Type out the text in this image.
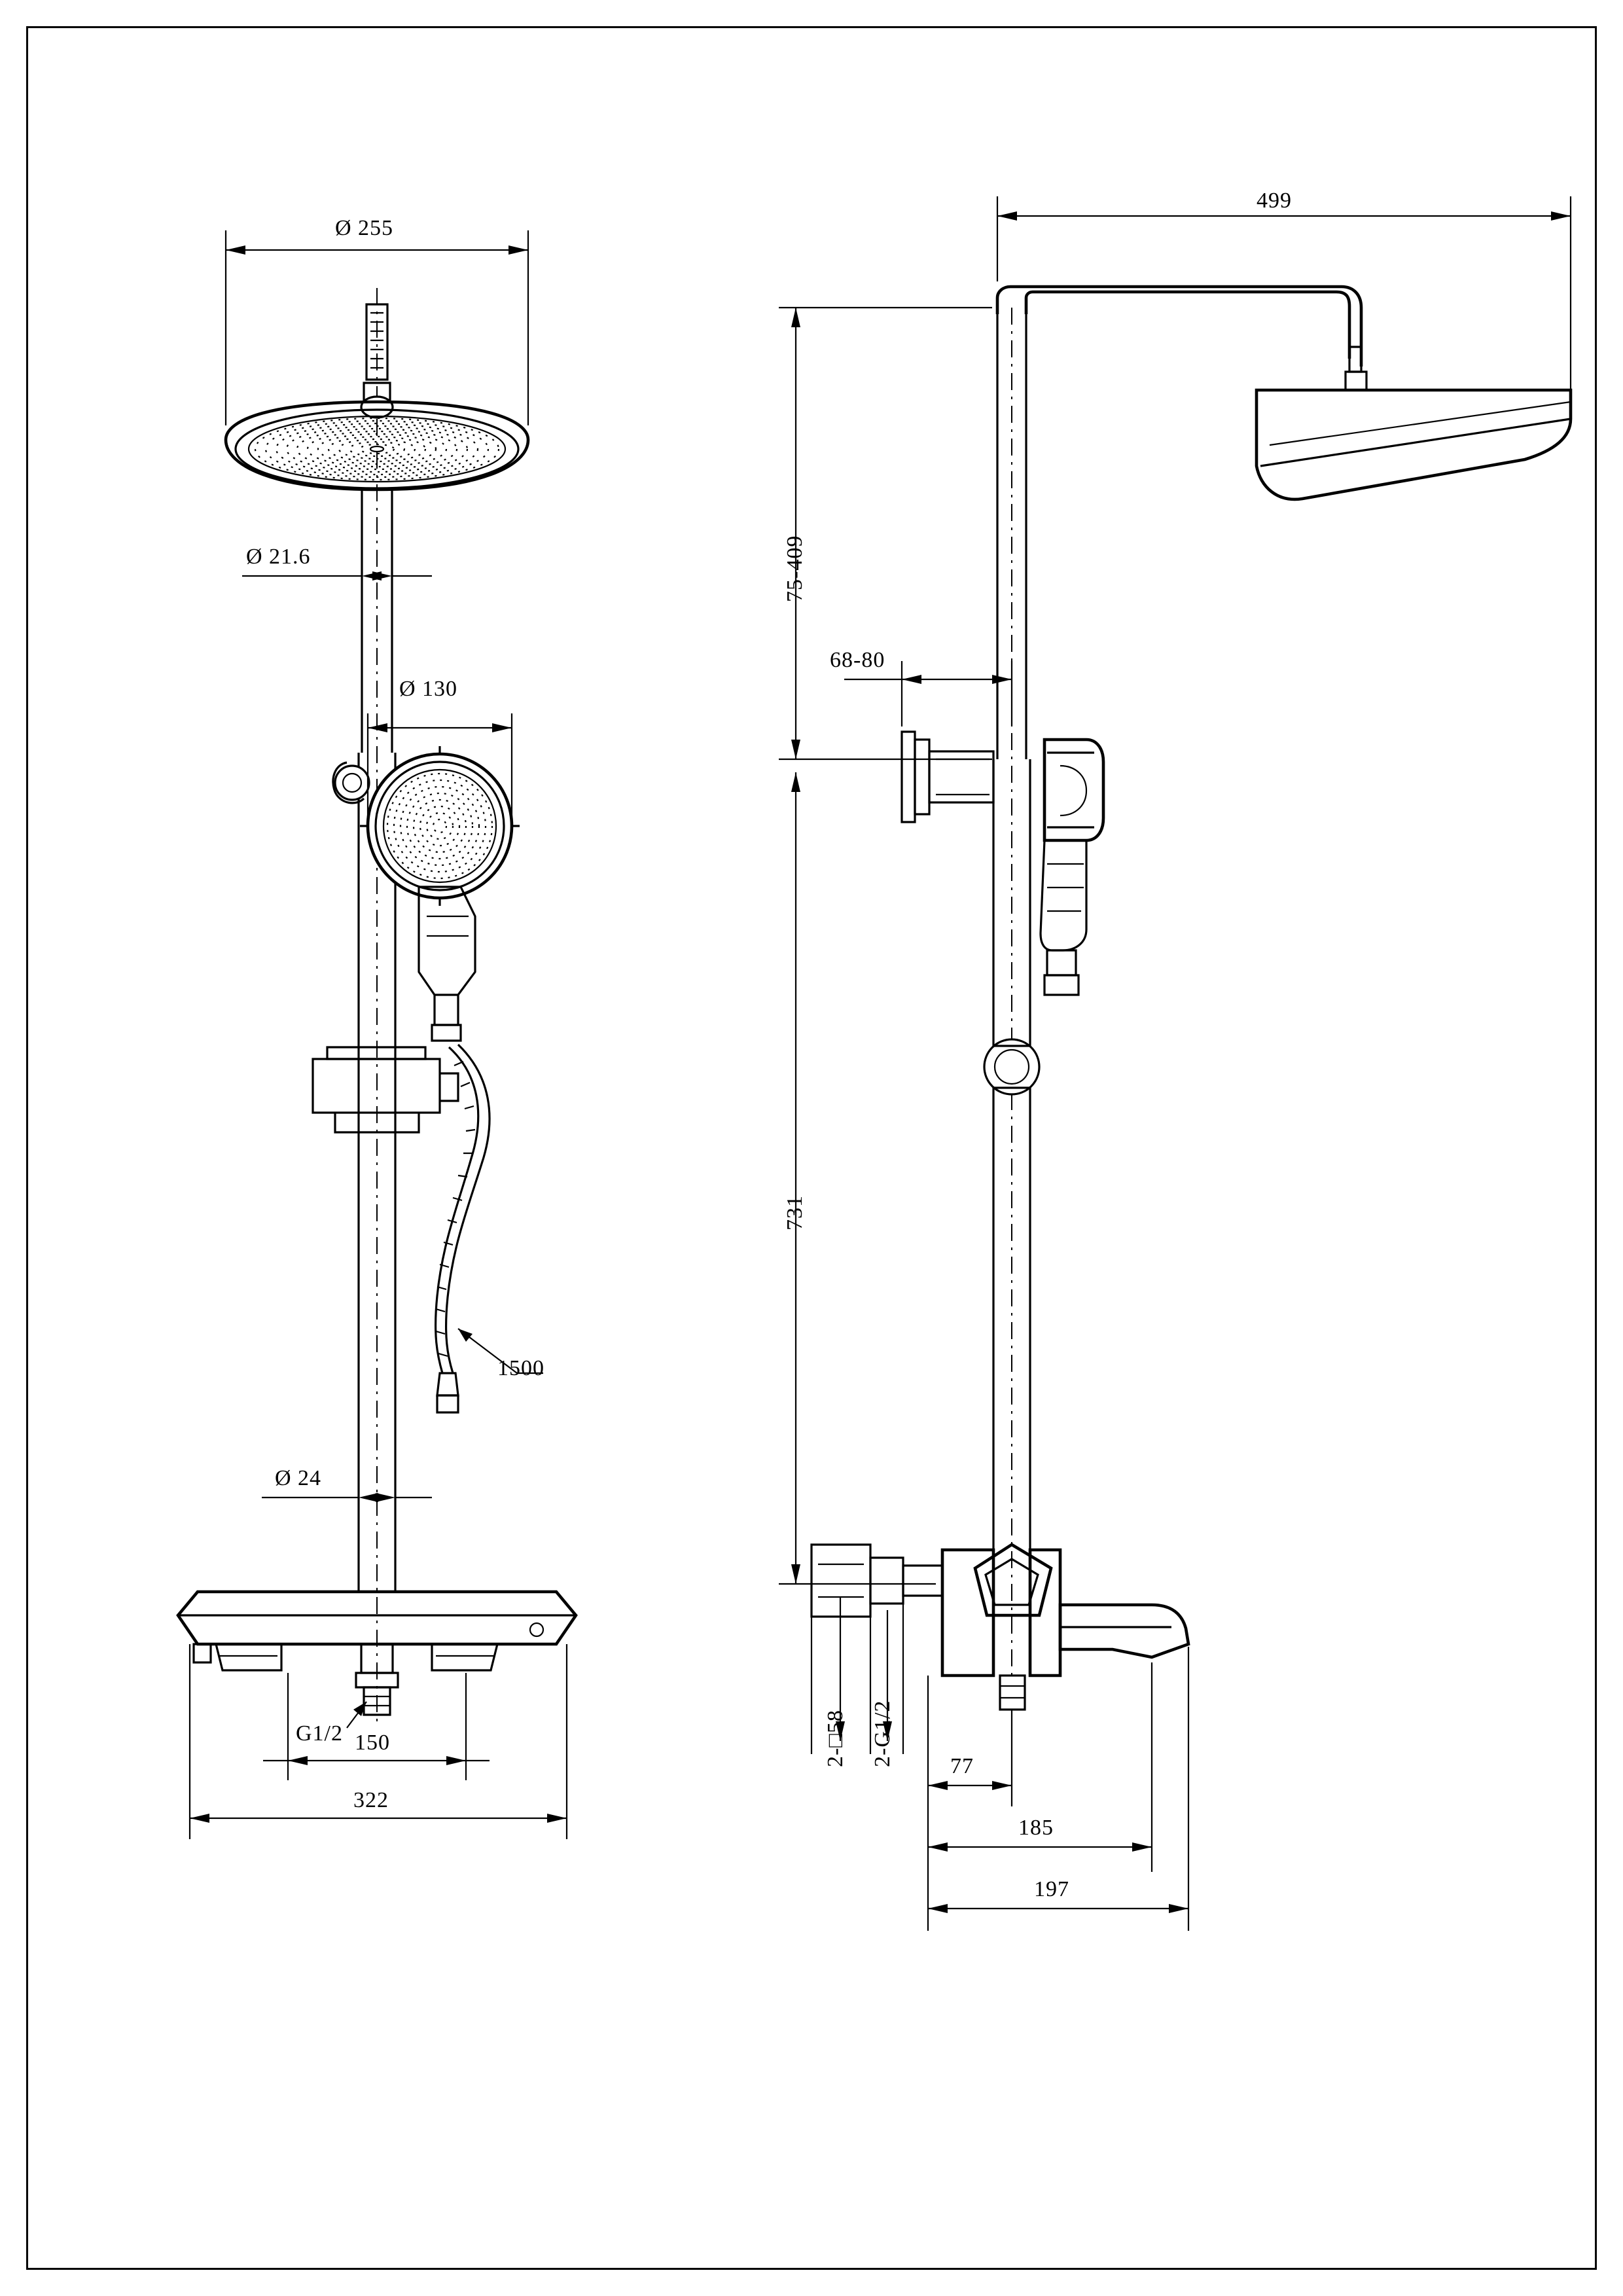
Ø 255
Ø 21.6
Ø 130
1500
Ø 24
G1/2 150
322
499
75-409
68-80
731
2-□58 2-G1/2	77
185
197
